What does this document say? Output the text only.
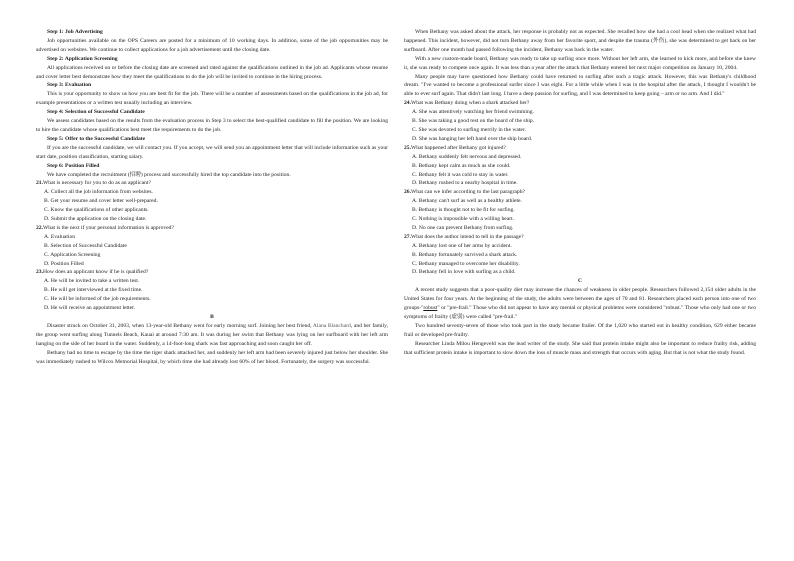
Step 1: Job Advertising

Job opportunities available on the OPS Careers are posted for a minimum of 10 working days. In addition, some of the job opportunities may be advertised on websites. We continue to collect applications for a job advertisement until the closing date.

Step 2: Application Screening

All applications received on or before the closing date are screened and rated against the qualifications outlined in the job ad. Applicants whose resume and cover letter best demonstrate how they meet the qualifications to do the job will be invited to continue in the hiring process.

Step 3: Evaluation

This is your opportunity to show us how you are best fit for the job. There will be a number of assessments based on the qualifications in the job ad, for example presentations or a written test usually including an interview.

Step 4: Selection of Successful Candidate

We assess candidates based on the results from the evaluation process in Step 3 to select the best-qualified candidate to fill the position. We are looking to hire the candidate whose qualifications best meet the requirements to do the job.

Step 5: Offer to the Successful Candidate

If you are the successful candidate, we will contact you. If you accept, we will send you an appointment letter that will include information such as your start date, position classification, starting salary.

Step 6: Position Filled

We have completed the recruitment (招聘) process and successfully hired the top candidate into the position.

21.What is necessary for you to do as an applicant?

A. Collect all the job information from websites.

B. Get your resume and cover letter well-prepared.

C. Know the qualifications of other applicants.

D. Submit the application on the closing date.

22.What is the next if your personal information is approved?

A. Evaluation

B. Selection of Successful Candidate

C. Application Screening

D. Position Filled

23.How does an applicant know if he is qualified?

A. He will be invited to take a written test.

B. He will get interviewed at the fixed time.

C. He will be informed of the job requirements.

D. He will receive an appointment letter.

B

Disaster struck on October 31, 2003, when 13-year-old Bethany went for early morning surf. Joining her best friend, Alana Blanchard, and her family, the group went surfing along Tunnels Beach, Kauai at around 7:30 am. It was during her swim that Bethany was lying on her surfboard with her left arm hanging on the side of her board in the water. Suddenly, a 14-foot-long shark was fast approaching and soon caught her off.

Bethany had no time to escape by the time the tiger shark attacked her, and suddenly her left arm had been severely injured just below her shoulder. She was immediately rushed to Wilcox Memorial Hospital, by which time she had already lost 60% of her blood. Fortunately, the surgery was successful.

When Bethany was asked about the attack, her response is probably not as expected. She recalled how she had a cool head when she realized what had happened. This incident, however, did not turn Bethany away from her favorite sport, and despite the trauma (外伤), she was determined to get back on her surfboard. After one month had passed following the incident, Bethany was back in the water.

With a new custom-made board, Bethany was ready to take up surfing once more. Without her left arm, she learned to kick more, and before she knew it, she was ready to compete once again. It was less than a year after the attack that Bethany entered her next major competition on January 10, 2004.

Many people may have questioned how Bethany could have returned to surfing after such a tragic attack. However, this was Bethany's childhood dream. "I've wanted to become a professional surfer since I was eight. For a little while when I was in the hospital after the attack, I thought I wouldn't be able to ever surf again. That didn't last long. I have a deep passion for surfing, and I was determined to keep going – arm or no arm. And I did."

24.What was Bethany doing when a shark attacked her?

A. She was attentively watching her friend swimming.

B. She was taking a good rest on the board of the ship.

C. She was devoted to surfing merrily in the water.

D. She was hanging her left hand over the ship board.

25.What happened after Bethany got injured?

A. Bethany suddenly felt nervous and depressed.

B. Bethany kept calm as much as she could.

C. Bethany felt it was cold to stay in water.

D. Bethany rushed to a nearby hospital in time.

26.What can we infer according to the last paragraph?

A. Bethany can't surf as well as a healthy athlete.

B. Bethany is thought not to be fit for surfing.

C. Nothing is impossible with a willing heart.

D. No one can prevent Bethany from surfing.

27.What does the author intend to tell in the passage?

A. Bethany lost one of her arms by accident.

B. Bethany fortunately survived a shark attack.

C. Bethany managed to overcome her disability.

D. Bethany fell in love with surfing as a child.

C

A recent study suggests that a poor-quality diet may increase the chances of weakness in older people. Researchers followed 2,154 older adults in the United States for four years. At the beginning of the study, the adults were between the ages of 70 and 81. Researchers placed each person into one of two groups-"robust" or "pre-frail." Those who did not appear to have any mental or physical problems were considered "robust." Those who only had one or two symptoms of frailty (虚弱) were called "pre-frail."

Two hundred seventy-seven of those who took part in the study became frailer. Of the 1,020 who started out in healthy condition, 629 either became frail or developed pre-frailty.

Researcher Linda Milou Hengeveld was the lead writer of the study. She said that protein intake might also be important to reduce frailty risk, adding that sufficient protein intake is important to slow down the loss of muscle mass and strength that occurs with aging. But that is not what the study found.
